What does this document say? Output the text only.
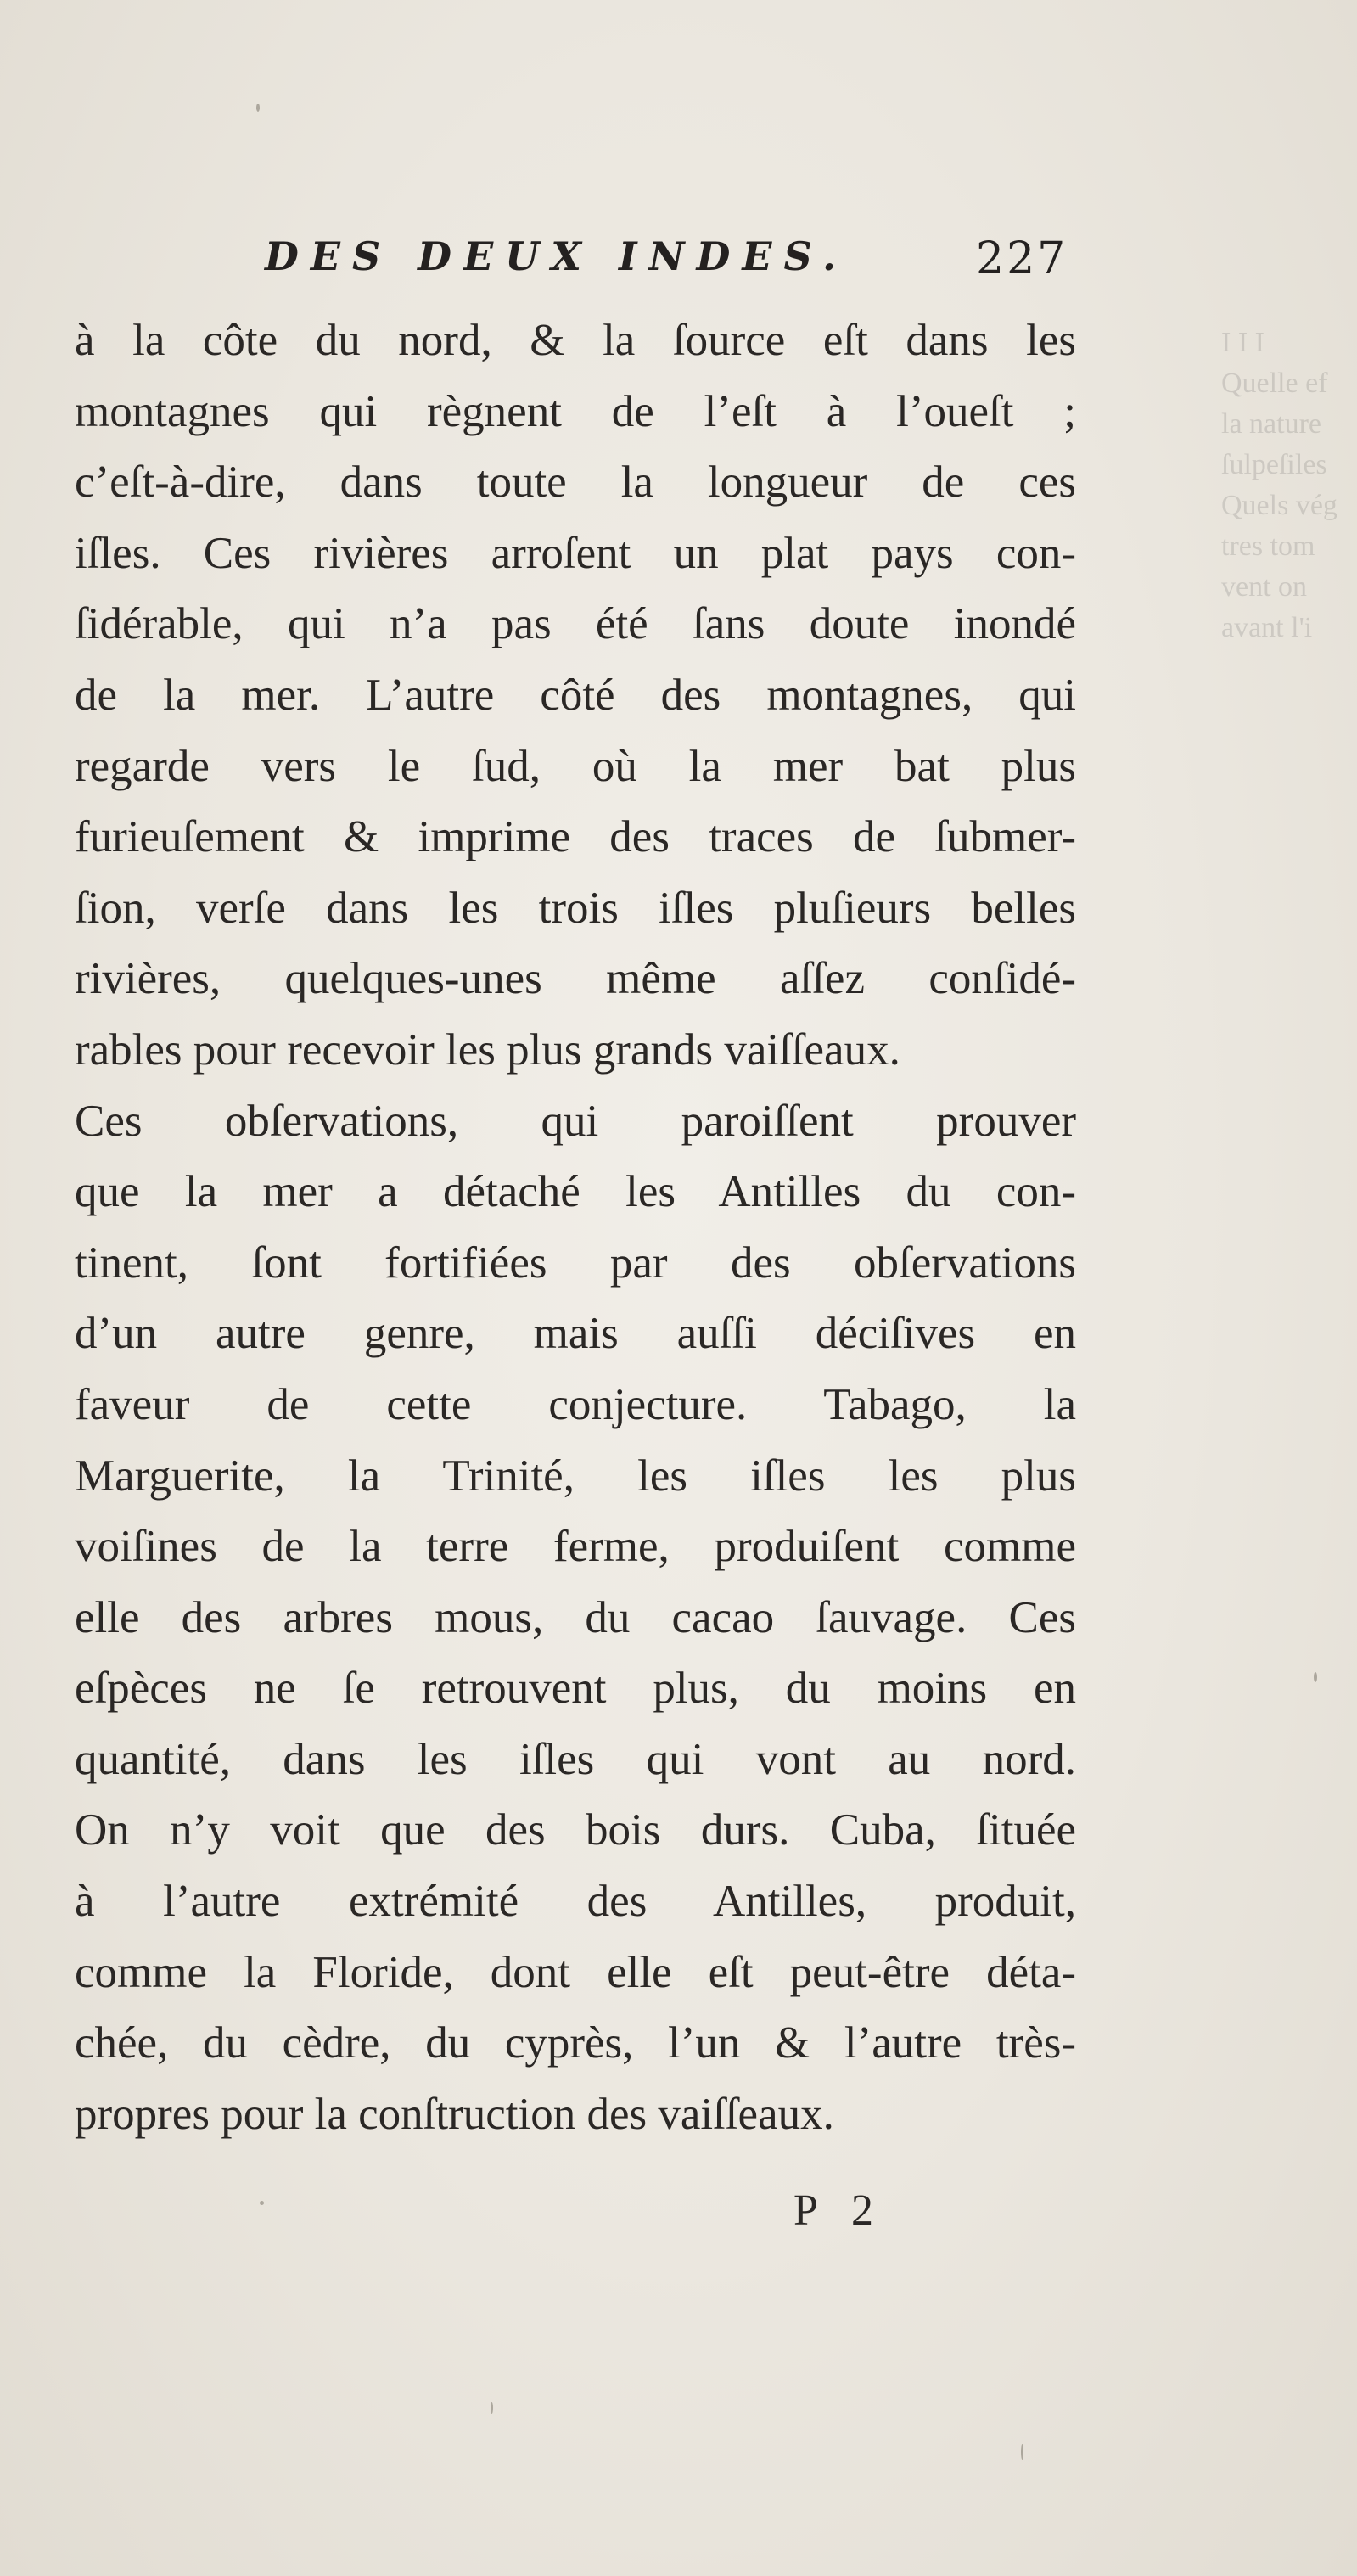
I I I
Quelle ef
la nature
ſulpeſiles
Quels vég
tres tom
vent on
avant l'i
DES DEUX INDES.	227
à la côte du nord, & la ſource eſt dans les
montagnes qui règnent de l’eſt à l’oueſt ;
c’eſt-à-dire, dans toute la longueur de ces
iſles. Ces rivières arroſent un plat pays con-
ſidérable, qui n’a pas été ſans doute inondé
de la mer. L’autre côté des montagnes, qui
regarde vers le ſud, où la mer bat plus
furieuſement & imprime des traces de ſubmer-
ſion, verſe dans les trois iſles pluſieurs belles
rivières, quelques-unes même aſſez conſidé-
rables pour recevoir les plus grands vaiſſeaux.
Ces obſervations, qui paroiſſent prouver
que la mer a détaché les Antilles du con-
tinent, ſont fortifiées par des obſervations
d’un autre genre, mais auſſi déciſives en
faveur de cette conjecture. Tabago, la
Marguerite, la Trinité, les iſles les plus
voiſines de la terre ferme, produiſent comme
elle des arbres mous, du cacao ſauvage. Ces
eſpèces ne ſe retrouvent plus, du moins en
quantité, dans les iſles qui vont au nord.
On n’y voit que des bois durs. Cuba, ſituée
à l’autre extrémité des Antilles, produit,
comme la Floride, dont elle eſt peut-être déta-
chée, du cèdre, du cyprès, l’un & l’autre très-
propres pour la conſtruction des vaiſſeaux.
P 2
